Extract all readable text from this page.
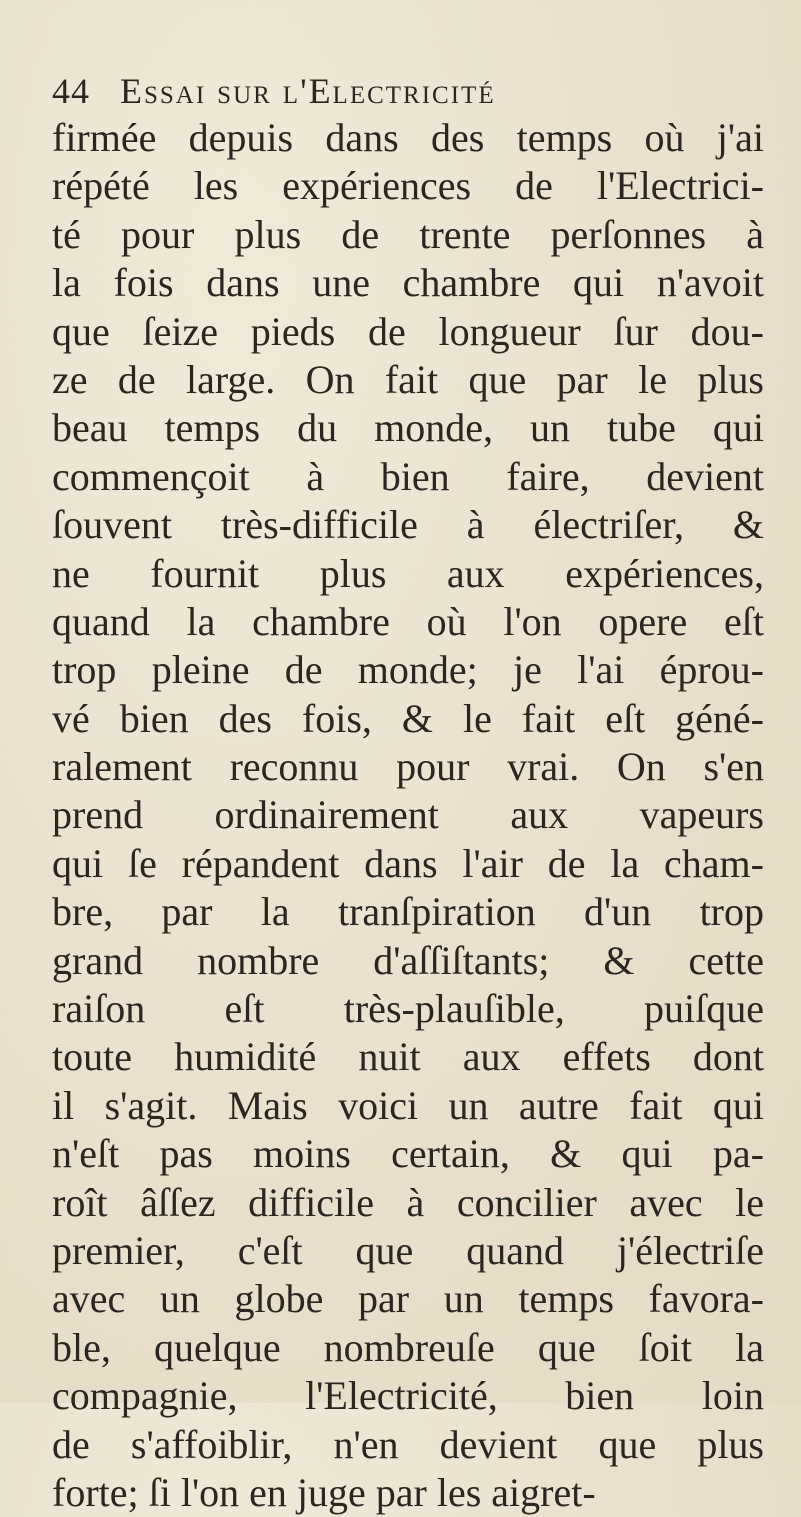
44 Essai sur l'Electricité
firmée depuis dans des temps où j'ai
répété les expériences de l'Electrici-
té pour plus de trente perſonnes à
la fois dans une chambre qui n'avoit
que ſeize pieds de longueur ſur dou-
ze de large. On fait que par le plus
beau temps du monde, un tube qui
commençoit à bien faire, devient
ſouvent très-difficile à électriſer, &
ne fournit plus aux expériences,
quand la chambre où l'on opere eſt
trop pleine de monde; je l'ai éprou-
vé bien des fois, & le fait eſt géné-
ralement reconnu pour vrai. On s'en
prend ordinairement aux vapeurs
qui ſe répandent dans l'air de la cham-
bre, par la tranſpiration d'un trop
grand nombre d'aſſiſtants; & cette
raiſon eſt très-plauſible, puiſque
toute humidité nuit aux effets dont
il s'agit. Mais voici un autre fait qui
n'eſt pas moins certain, & qui pa-
roît âſſez difficile à concilier avec le
premier, c'eſt que quand j'électriſe
avec un globe par un temps favora-
ble, quelque nombreuſe que ſoit la
compagnie, l'Electricité, bien loin
de s'affoiblir, n'en devient que plus
forte; ſi l'on en juge par les aigret-
